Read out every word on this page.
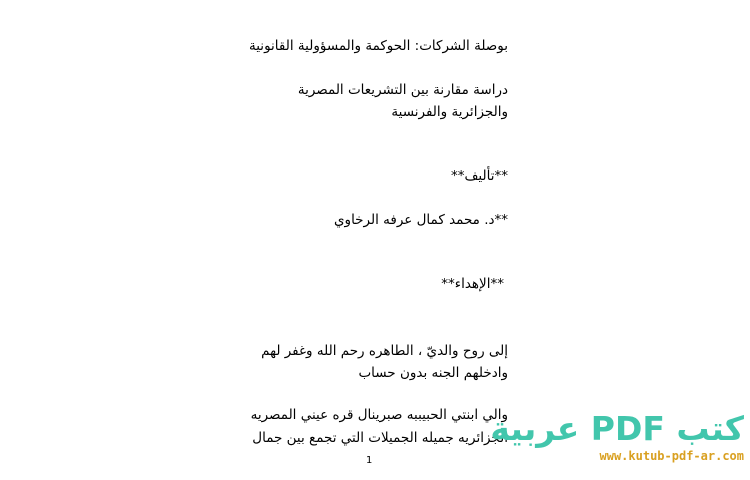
بوصلة الشركات: الحوكمة والمسؤولية القانونية
دراسة مقارنة بين التشريعات المصرية
والجزائرية والفرنسية
**تأليف**
**د. محمد كمال عرفه الرخاوي
**الإهداء**
إلى روح والديّ ، الطاهره رحم الله وغفر لهم
وادخلهم الجنه بدون حساب
والي ابنتي الحبيببه صبرينال قره عيني المصريه
الجزائريه جميله الجميلات التي تجمع بين جمال
1
كتب PDF عربية
www.kutub-pdf-ar.com
